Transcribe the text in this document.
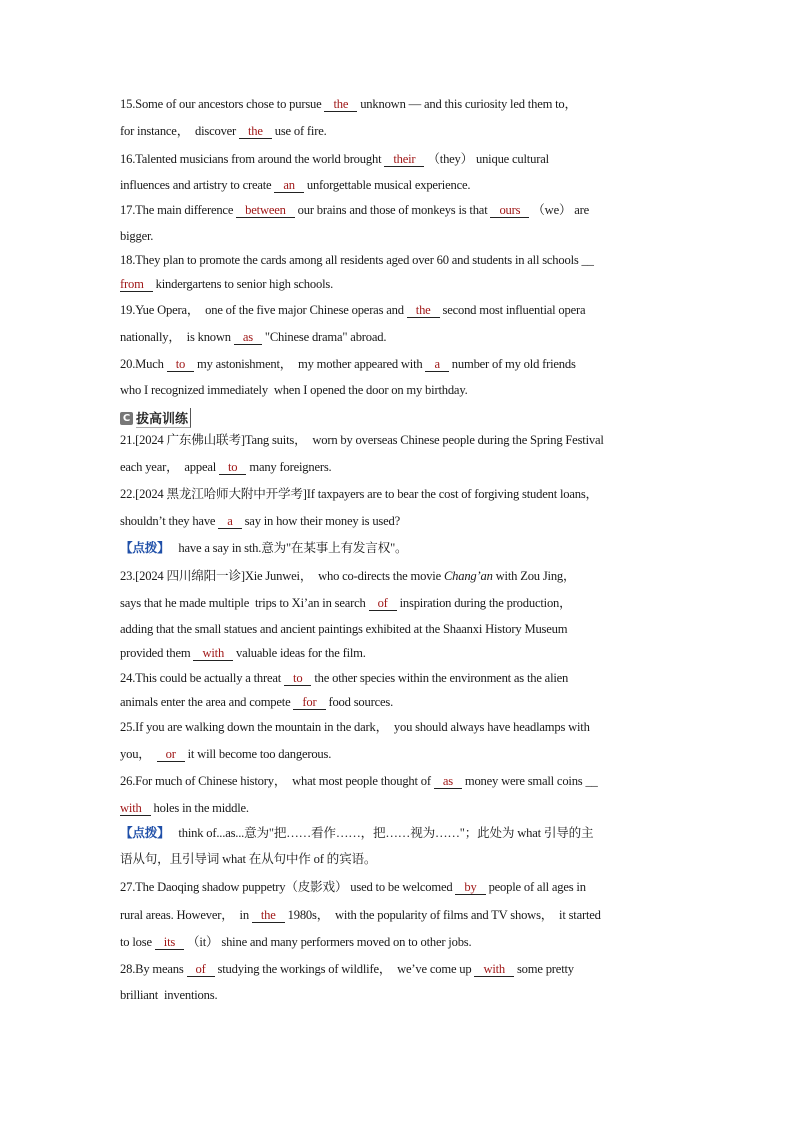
C 拔高训练
15.Some of our ancestors chose to pursue the unknown — and this curiosity led them to，
for instance，  discover the use of fire.
16.Talented musicians from around the world brought their （they） unique cultural
influences and artistry to create an unforgettable musical experience.
17.The main difference between our brains and those of monkeys is that ours （we） are
bigger.
18.They plan to promote the cards among all residents aged over 60 and students in all schools __
from kindergartens to senior high schools.
19.Yue Opera，  one of the five major Chinese operas and the second most influential opera
nationally，  is known as "Chinese drama" abroad.
20.Much to my astonishment，  my mother appeared with a number of my old friends
who I recognized immediately  when I opened the door on my birthday.
21.[2024 广东佛山联考]Tang suits，  worn by overseas Chinese people during the Spring Festival
each year，  appeal to many foreigners.
22.[2024 黑龙江哈师大附中开学考]If taxpayers are to bear the cost of forgiving student loans，
shouldn’t they have a say in how their money is used?
【点拨】   have a say in sth.意为"在某事上有发言权"。
23.[2024 四川绵阳一诊]Xie Junwei，  who co-directs the movie Chang’an with Zou Jing，
says that he made multiple  trips to Xi’an in search of inspiration during the production，
adding that the small statues and ancient paintings exhibited at the Shaanxi History Museum
provided them with valuable ideas for the film.
24.This could be actually a threat to the other species within the environment as the alien
animals enter the area and compete for food sources.
25.If you are walking down the mountain in the dark，  you should always have headlamps with
you，  or it will become too dangerous.
26.For much of Chinese history，  what most people thought of as money were small coins __
with holes in the middle.
【点拨】   think of...as...意为"把……看作……，把……视为……"；此处为 what 引导的主
语从句，且引导词 what 在从句中作 of 的宾语。
27.The Daoqing shadow puppetry（皮影戏） used to be welcomed by people of all ages in
rural areas. However，  in the 1980s，  with the popularity of films and TV shows，  it started
to lose its （it） shine and many performers moved on to other jobs.
28.By means of studying the workings of wildlife，  we’ve come up with some pretty
brilliant  inventions.
